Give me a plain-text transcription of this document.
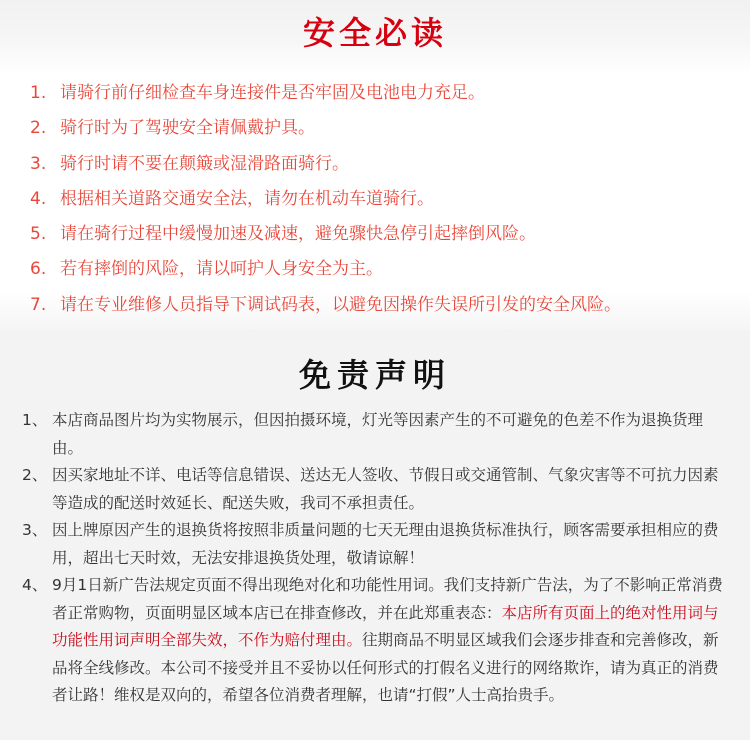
安全必读
1. 请骑行前仔细检查车身连接件是否牢固及电池电力充足。
2. 骑行时为了驾驶安全请佩戴护具。
3. 骑行时请不要在颠簸或湿滑路面骑行。
4. 根据相关道路交通安全法，请勿在机动车道骑行。
5. 请在骑行过程中缓慢加速及减速，避免骤快急停引起摔倒风险。
6. 若有摔倒的风险，请以呵护人身安全为主。
7. 请在专业维修人员指导下调试码表，以避免因操作失误所引发的安全风险。
免责声明
1、 本店商品图片均为实物展示，但因拍摄环境，灯光等因素产生的不可避免的色差不作为退换货理由。
2、 因买家地址不详、电话等信息错误、送达无人签收、节假日或交通管制、气象灾害等不可抗力因素等造成的配送时效延长、配送失败，我司不承担责任。
3、 因上牌原因产生的退换货将按照非质量问题的七天无理由退换货标准执行，顾客需要承担相应的费用，超出七天时效，无法安排退换货处理，敬请谅解！
4、 9月1日新广告法规定页面不得出现绝对化和功能性用词。我们支持新广告法，为了不影响正常消费者正常购物，页面明显区域本店已在排查修改，并在此郑重表态：本店所有页面上的绝对性用词与功能性用词声明全部失效，不作为赔付理由。往期商品不明显区域我们会逐步排查和完善修改，新品将全线修改。本公司不接受并且不妥协以任何形式的打假名义进行的网络欺诈，请为真正的消费者让路！维权是双向的，希望各位消费者理解，也请“打假”人士高抬贵手。
